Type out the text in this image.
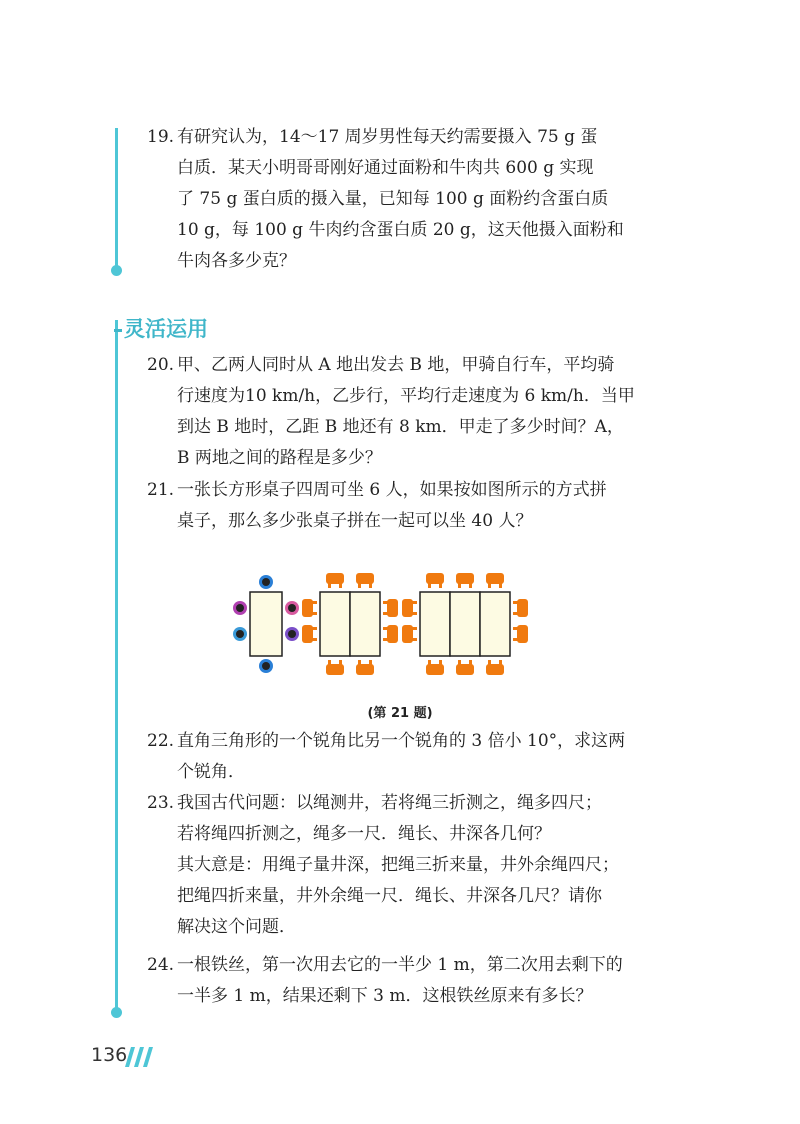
19. 有研究认为，14～17 周岁男性每天约需要摄入 75 g 蛋
白质．某天小明哥哥刚好通过面粉和牛肉共 600 g 实现
了 75 g 蛋白质的摄入量，已知每 100 g 面粉约含蛋白质
10 g，每 100 g 牛肉约含蛋白质 20 g，这天他摄入面粉和
牛肉各多少克？
灵活运用
20. 甲、乙两人同时从 A 地出发去 B 地，甲骑自行车，平均骑
行速度为10 km/h，乙步行，平均行走速度为 6 km/h．当甲
到达 B 地时，乙距 B 地还有 8 km．甲走了多少时间？A，
B 两地之间的路程是多少？
21. 一张长方形桌子四周可坐 6 人，如果按如图所示的方式拼
桌子，那么多少张桌子拼在一起可以坐 40 人？
(第 21 题)
22. 直角三角形的一个锐角比另一个锐角的 3 倍小 10°，求这两
个锐角．
23. 我国古代问题：以绳测井，若将绳三折测之，绳多四尺；
若将绳四折测之，绳多一尺．绳长、井深各几何？
其大意是：用绳子量井深，把绳三折来量，井外余绳四尺；
把绳四折来量，井外余绳一尺．绳长、井深各几尺？请你
解决这个问题．
24. 一根铁丝，第一次用去它的一半少 1 m，第二次用去剩下的
一半多 1 m，结果还剩下 3 m．这根铁丝原来有多长？
136
